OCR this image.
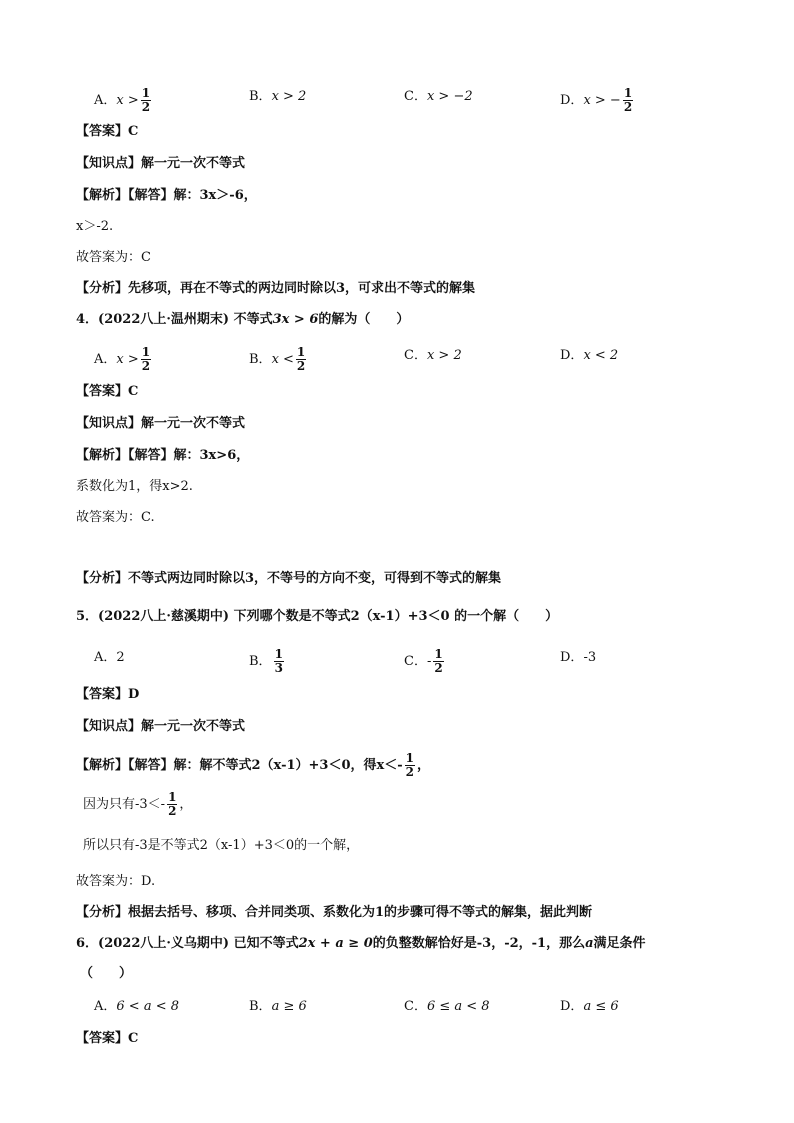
A．$x > \frac{1}{2}$	B．x > 2	C．x > −2	D．x > − $\frac{1}{2}$
【答案】C
【知识点】解一元一次不等式
【解析】【解答】解：3x＞-6，
x＞-2.
故答案为：C
【分析】先移项，再在不等式的两边同时除以3，可求出不等式的解集
4．(2022八上·温州期末) 不等式3x > 6的解为（　　）
A．$x > \frac{1}{2}$	B．$x < \frac{1}{2}$	C．x > 2	D．x < 2
【答案】C
【知识点】解一元一次不等式
【解析】【解答】解：3x>6，
系数化为1，得x>2.
故答案为：C.
【分析】不等式两边同时除以3，不等号的方向不变，可得到不等式的解集
5．(2022八上·慈溪期中) 下列哪个数是不等式2（x-1）+3＜0 的一个解（　　）
A．2	B． $\frac{1}{3}$	C．- $\frac{1}{2}$	D．-3
【答案】D
【知识点】解一元一次不等式
【解析】【解答】解：解不等式2（x-1）+3＜0，得$x<- \frac{1}{2}$ ，
因为只有$-3<- \frac{1}{2}$ ，
所以只有-3是不等式2（x-1）+3＜0的一个解，
故答案为：D.
【分析】根据去括号、移项、合并同类项、系数化为1的步骤可得不等式的解集，据此判断
6．(2022八上·义乌期中) 已知不等式2x + a ≥ 0的负整数解恰好是-3，-2，-1，那么a满足条件
（　　）
A．6 < a < 8	B．a ≥ 6	C．6 ≤ a < 8	D．a ≤ 6
【答案】C
